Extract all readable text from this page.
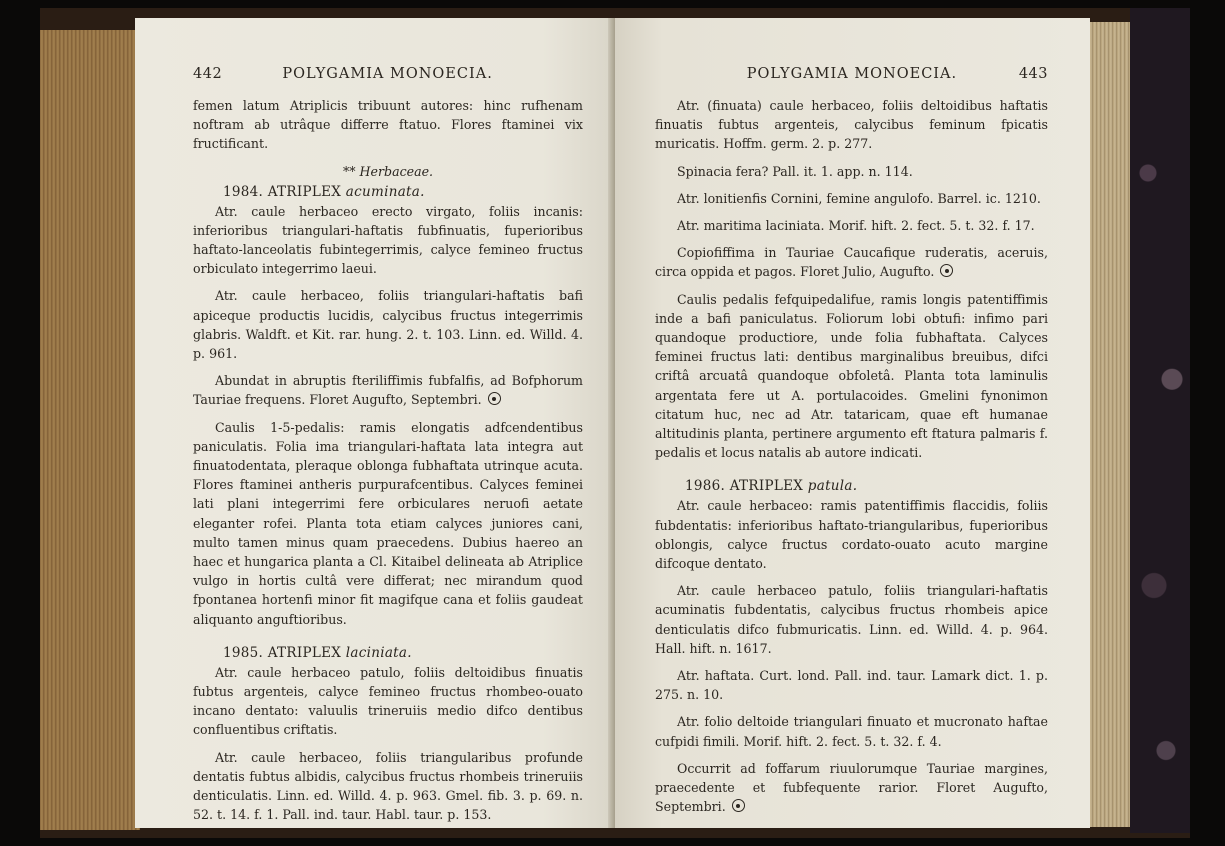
442	POLYGAMIA MONOECIA.

femen latum Atriplicis tribuunt autores: hinc rufhenam noftram ab utrâque differre ftatuo. Flores ftaminei vix fructificant.

** Herbaceae.
1984. ATRIPLEX acuminata.

Atr. caule herbaceo erecto virgato, foliis incanis: inferioribus triangulari-haftatis fubfinuatis, fuperioribus haftato-lanceolatis fubintegerrimis, calyce femineo fructus orbiculato integerrimo laeui.

Atr. caule herbaceo, foliis triangulari-haftatis bafi apiceque productis lucidis, calycibus fructus integerrimis glabris. Waldft. et Kit. rar. hung. 2. t. 103. Linn. ed. Willd. 4. p. 961.

Abundat in abruptis fteriliffimis fubfalfis, ad Bofphorum Tauriae frequens. Floret Augufto, Septembri.

Caulis 1-5-pedalis: ramis elongatis adfcendentibus paniculatis. Folia ima triangulari-haftata lata integra aut finuatodentata, pleraque oblonga fubhaftata utrinque acuta. Flores ftaminei antheris purpurafcentibus. Calyces feminei lati plani integerrimi fere orbiculares neruofi aetate eleganter rofei. Planta tota etiam calyces juniores cani, multo tamen minus quam praecedens. Dubius haereo an haec et hungarica planta a Cl. Kitaibel delineata ab Atriplice vulgo in hortis cultâ vere differat; nec mirandum quod fpontanea hortenfi minor fit magifque cana et foliis gaudeat aliquanto anguftioribus.

1985. ATRIPLEX laciniata.

Atr. caule herbaceo patulo, foliis deltoidibus finuatis fubtus argenteis, calyce femineo fructus rhombeo-ouato incano dentato: valuulis trineruiis medio difco dentibus confluentibus criftatis.

Atr. caule herbaceo, foliis triangularibus profunde dentatis fubtus albidis, calycibus fructus rhombeis trineruiis denticulatis. Linn. ed. Willd. 4. p. 963. Gmel. fib. 3. p. 69. n. 52. t. 14. f. 1. Pall. ind. taur. Habl. taur. p. 153.

POLYGAMIA MONOECIA.	443

Atr. (finuata) caule herbaceo, foliis deltoidibus haftatis finuatis fubtus argenteis, calycibus feminum fpicatis muricatis. Hoffm. germ. 2. p. 277.

Spinacia fera? Pall. it. 1. app. n. 114.

Atr. lonitienfis Cornini, femine angulofo. Barrel. ic. 1210.

Atr. maritima laciniata. Morif. hift. 2. fect. 5. t. 32. f. 17.

Copiofiffima in Tauriae Caucafique ruderatis, aceruis, circa oppida et pagos. Floret Julio, Augufto.

Caulis pedalis fefquipedalifue, ramis longis patentiffimis inde a bafi paniculatus. Foliorum lobi obtufi: infimo pari quandoque productiore, unde folia fubhaftata. Calyces feminei fructus lati: dentibus marginalibus breuibus, difci criftâ arcuatâ quandoque obfoletâ. Planta tota laminulis argentata fere ut A. portulacoides. Gmelini fynonimon citatum huc, nec ad Atr. tataricam, quae eft humanae altitudinis planta, pertinere argumento eft ftatura palmaris f. pedalis et locus natalis ab autore indicati.

1986. ATRIPLEX patula.

Atr. caule herbaceo: ramis patentiffimis flaccidis, foliis fubdentatis: inferioribus haftato-triangularibus, fuperioribus oblongis, calyce fructus cordato-ouato acuto margine difcoque dentato.

Atr. caule herbaceo patulo, foliis triangulari-haftatis acuminatis fubdentatis, calycibus fructus rhombeis apice denticulatis difco fubmuricatis. Linn. ed. Willd. 4. p. 964. Hall. hift. n. 1617.

Atr. haftata. Curt. lond. Pall. ind. taur. Lamark dict. 1. p. 275. n. 10.

Atr. folio deltoide triangulari finuato et mucronato haftae cufpidi fimili. Morif. hift. 2. fect. 5. t. 32. f. 4.

Occurrit ad foffarum riuulorumque Tauriae margines, praecedente et fubfequente rarior. Floret Augufto, Septembri.
